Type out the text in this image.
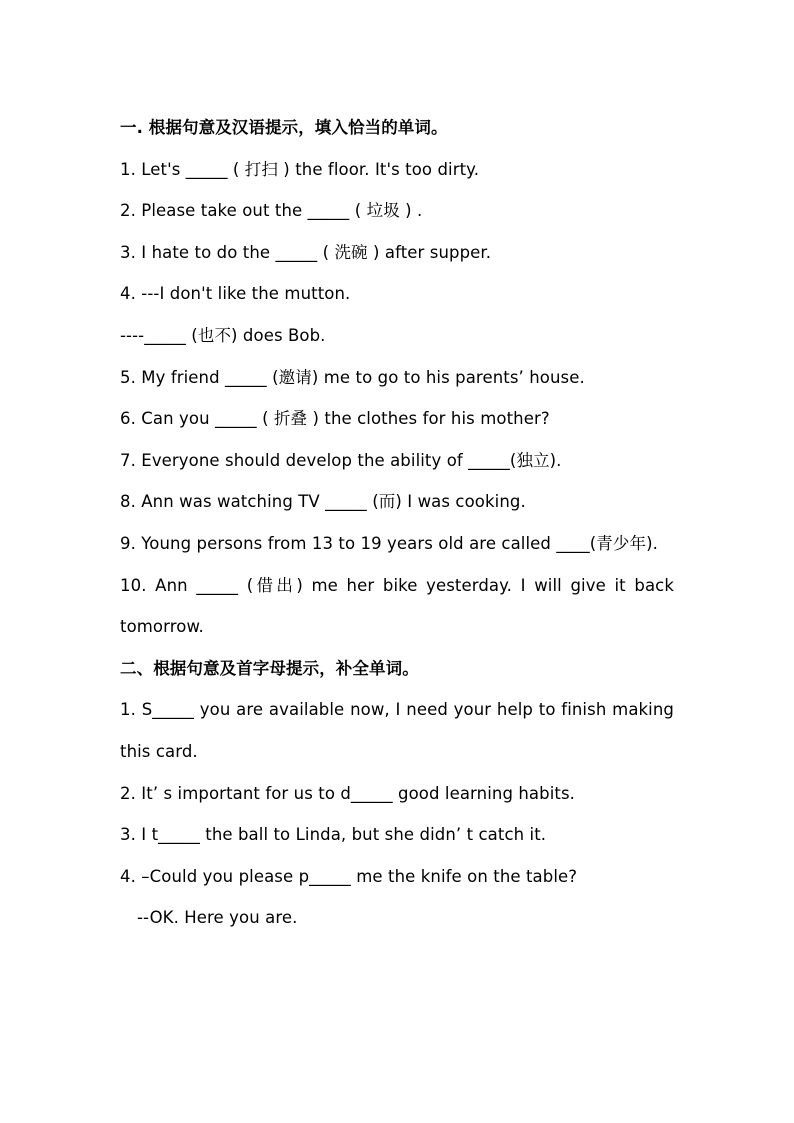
一. 根据句意及汉语提示，填入恰当的单词。
1. Let's _____ ( 打扫 ) the floor. It's too dirty.
2. Please take out the _____ ( 垃圾 ) .
3. I hate to do the _____ ( 洗碗 ) after supper.
4. ---I don't like the mutton.
----_____ (也不) does Bob.
5. My friend _____ (邀请) me to go to his parents’ house.
6. Can you _____ ( 折叠 ) the clothes for his mother?
7. Everyone should develop the ability of _____(独立).
8. Ann was watching TV _____ (而) I was cooking.
9. Young persons from 13 to 19 years old are called ____(青少年).
10. Ann _____ (借出) me her bike yesterday. I will give it back tomorrow.
二、根据句意及首字母提示，补全单词。
1. S_____ you are available now, I need your help to finish making this card.
2. It’ s important for us to d_____ good learning habits.
3. I t_____ the ball to Linda, but she didn’ t catch it.
4. –Could you please p_____ me the knife on the table?
--OK. Here you are.
